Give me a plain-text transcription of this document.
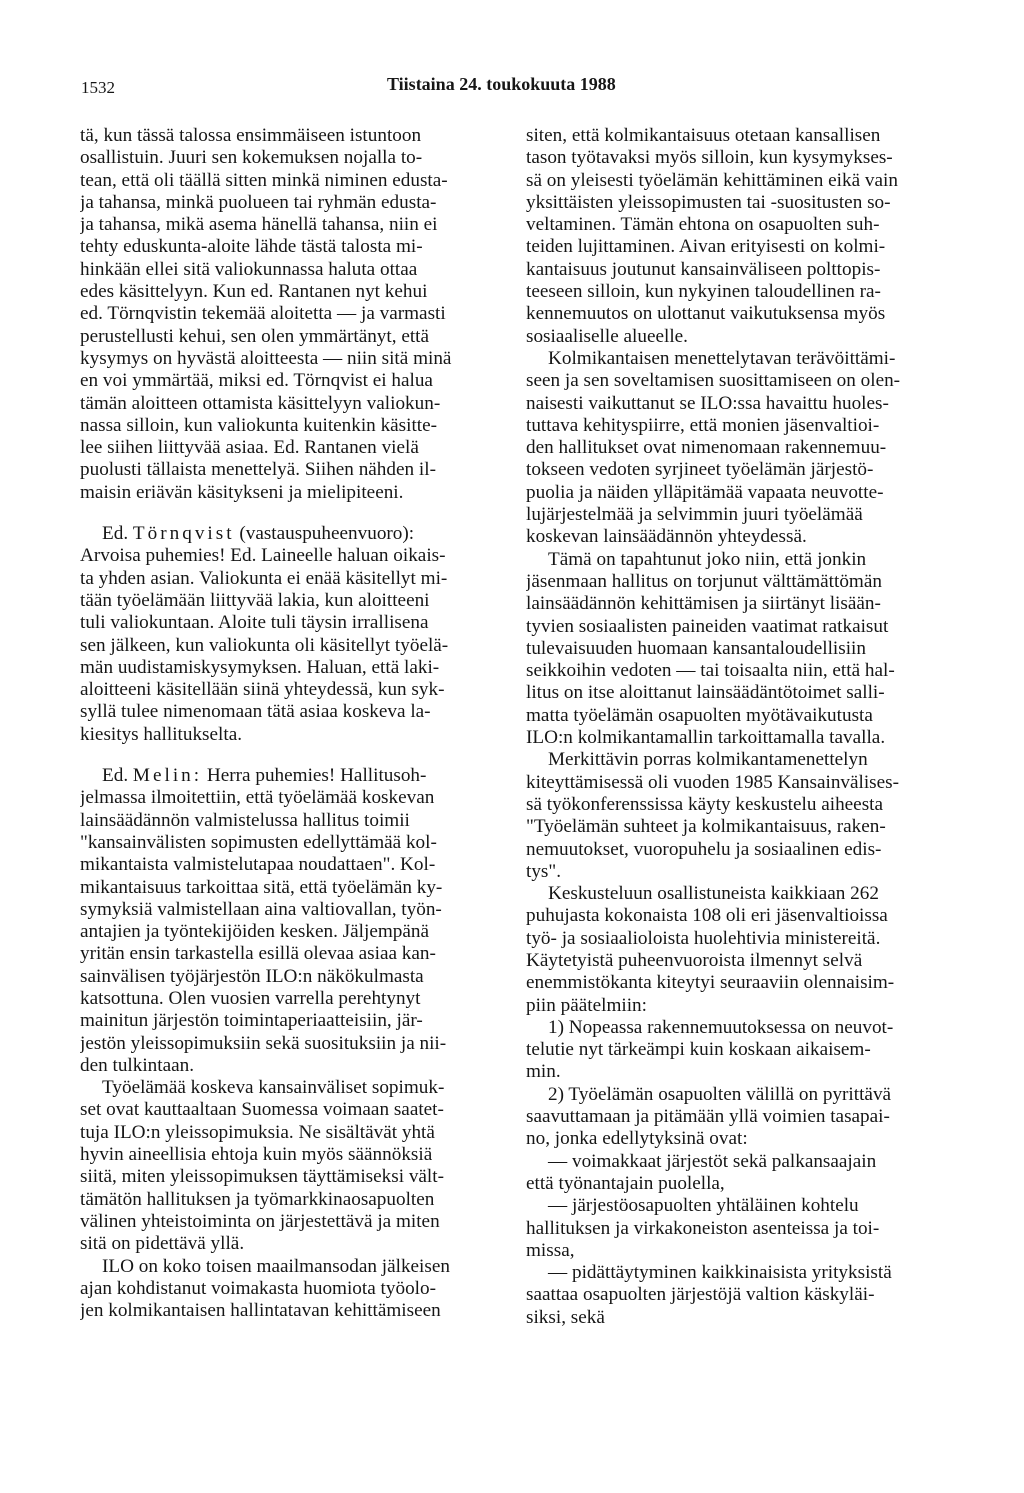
1532	Tiistaina 24. toukokuuta 1988
tä, kun tässä talossa ensimmäiseen istuntoon
osallistuin. Juuri sen kokemuksen nojalla to-
tean, että oli täällä sitten minkä niminen edusta-
ja tahansa, minkä puolueen tai ryhmän edusta-
ja tahansa, mikä asema hänellä tahansa, niin ei
tehty eduskunta-aloite lähde tästä talosta mi-
hinkään ellei sitä valiokunnassa haluta ottaa
edes käsittelyyn. Kun ed. Rantanen nyt kehui
ed. Törnqvistin tekemää aloitetta — ja varmasti
perustellusti kehui, sen olen ymmärtänyt, että
kysymys on hyvästä aloitteesta — niin sitä minä
en voi ymmärtää, miksi ed. Törnqvist ei halua
tämän aloitteen ottamista käsittelyyn valiokun-
nassa silloin, kun valiokunta kuitenkin käsitte-
lee siihen liittyvää asiaa. Ed. Rantanen vielä
puolusti tällaista menettelyä. Siihen nähden il-
maisin eriävän käsitykseni ja mielipiteeni.
Ed. Törnqvist (vastauspuheenvuoro):
Arvoisa puhemies! Ed. Laineelle haluan oikais-
ta yhden asian. Valiokunta ei enää käsitellyt mi-
tään työelämään liittyvää lakia, kun aloitteeni
tuli valiokuntaan. Aloite tuli täysin irrallisena
sen jälkeen, kun valiokunta oli käsitellyt työelä-
män uudistamiskysymyksen. Haluan, että laki-
aloitteeni käsitellään siinä yhteydessä, kun syk-
syllä tulee nimenomaan tätä asiaa koskeva la-
kiesitys hallitukselta.
Ed. Melin: Herra puhemies! Hallitusoh-
jelmassa ilmoitettiin, että työelämää koskevan
lainsäädännön valmistelussa hallitus toimii
"kansainvälisten sopimusten edellyttämää kol-
mikantaista valmistelutapaa noudattaen". Kol-
mikantaisuus tarkoittaa sitä, että työelämän ky-
symyksiä valmistellaan aina valtiovallan, työn-
antajien ja työntekijöiden kesken. Jäljempänä
yritän ensin tarkastella esillä olevaa asiaa kan-
sainvälisen työjärjestön ILO:n näkökulmasta
katsottuna. Olen vuosien varrella perehtynyt
mainitun järjestön toimintaperiaatteisiin, jär-
jestön yleissopimuksiin sekä suosituksiin ja nii-
den tulkintaan.
Työelämää koskeva kansainväliset sopimuk-
set ovat kauttaaltaan Suomessa voimaan saatet-
tuja ILO:n yleissopimuksia. Ne sisältävät yhtä
hyvin aineellisia ehtoja kuin myös säännöksiä
siitä, miten yleissopimuksen täyttämiseksi vält-
tämätön hallituksen ja työmarkkinaosapuolten
välinen yhteistoiminta on järjestettävä ja miten
sitä on pidettävä yllä.
ILO on koko toisen maailmansodan jälkeisen
ajan kohdistanut voimakasta huomiota työolo-
jen kolmikantaisen hallintatavan kehittämiseen
siten, että kolmikantaisuus otetaan kansallisen
tason työtavaksi myös silloin, kun kysymykses-
sä on yleisesti työelämän kehittäminen eikä vain
yksittäisten yleissopimusten tai -suositusten so-
veltaminen. Tämän ehtona on osapuolten suh-
teiden lujittaminen. Aivan erityisesti on kolmi-
kantaisuus joutunut kansainväliseen polttopis-
teeseen silloin, kun nykyinen taloudellinen ra-
kennemuutos on ulottanut vaikutuksensa myös
sosiaaliselle alueelle.
Kolmikantaisen menettelytavan terävöittämi-
seen ja sen soveltamisen suosittamiseen on olen-
naisesti vaikuttanut se ILO:ssa havaittu huoles-
tuttava kehityspiirre, että monien jäsenvaltioi-
den hallitukset ovat nimenomaan rakennemuu-
tokseen vedoten syrjineet työelämän järjestö-
puolia ja näiden ylläpitämää vapaata neuvotte-
lujärjestelmää ja selvimmin juuri työelämää
koskevan lainsäädännön yhteydessä.
Tämä on tapahtunut joko niin, että jonkin
jäsenmaan hallitus on torjunut välttämättömän
lainsäädännön kehittämisen ja siirtänyt lisään-
tyvien sosiaalisten paineiden vaatimat ratkaisut
tulevaisuuden huomaan kansantaloudellisiin
seikkoihin vedoten — tai toisaalta niin, että hal-
litus on itse aloittanut lainsäädäntötoimet salli-
matta työelämän osapuolten myötävaikutusta
ILO:n kolmikantamallin tarkoittamalla tavalla.
Merkittävin porras kolmikantamenettelyn
kiteyttämisessä oli vuoden 1985 Kansainvälises-
sä työkonferenssissa käyty keskustelu aiheesta
"Työelämän suhteet ja kolmikantaisuus, raken-
nemuutokset, vuoropuhelu ja sosiaalinen edis-
tys".
Keskusteluun osallistuneista kaikkiaan 262
puhujasta kokonaista 108 oli eri jäsenvaltioissa
työ- ja sosiaalioloista huolehtivia ministereitä.
Käytetyistä puheenvuoroista ilmennyt selvä
enemmistökanta kiteytyi seuraaviin olennaisim-
piin päätelmiin:
1) Nopeassa rakennemuutoksessa on neuvot-
telutie nyt tärkeämpi kuin koskaan aikaisem-
min.
2) Työelämän osapuolten välillä on pyrittävä
saavuttamaan ja pitämään yllä voimien tasapai-
no, jonka edellytyksinä ovat:
— voimakkaat järjestöt sekä palkansaajain
että työnantajain puolella,
— järjestöosapuolten yhtäläinen kohtelu
hallituksen ja virkakoneiston asenteissa ja toi-
missa,
— pidättäytyminen kaikkinaisista yrityksistä
saattaa osapuolten järjestöjä valtion käskyläi-
siksi, sekä
